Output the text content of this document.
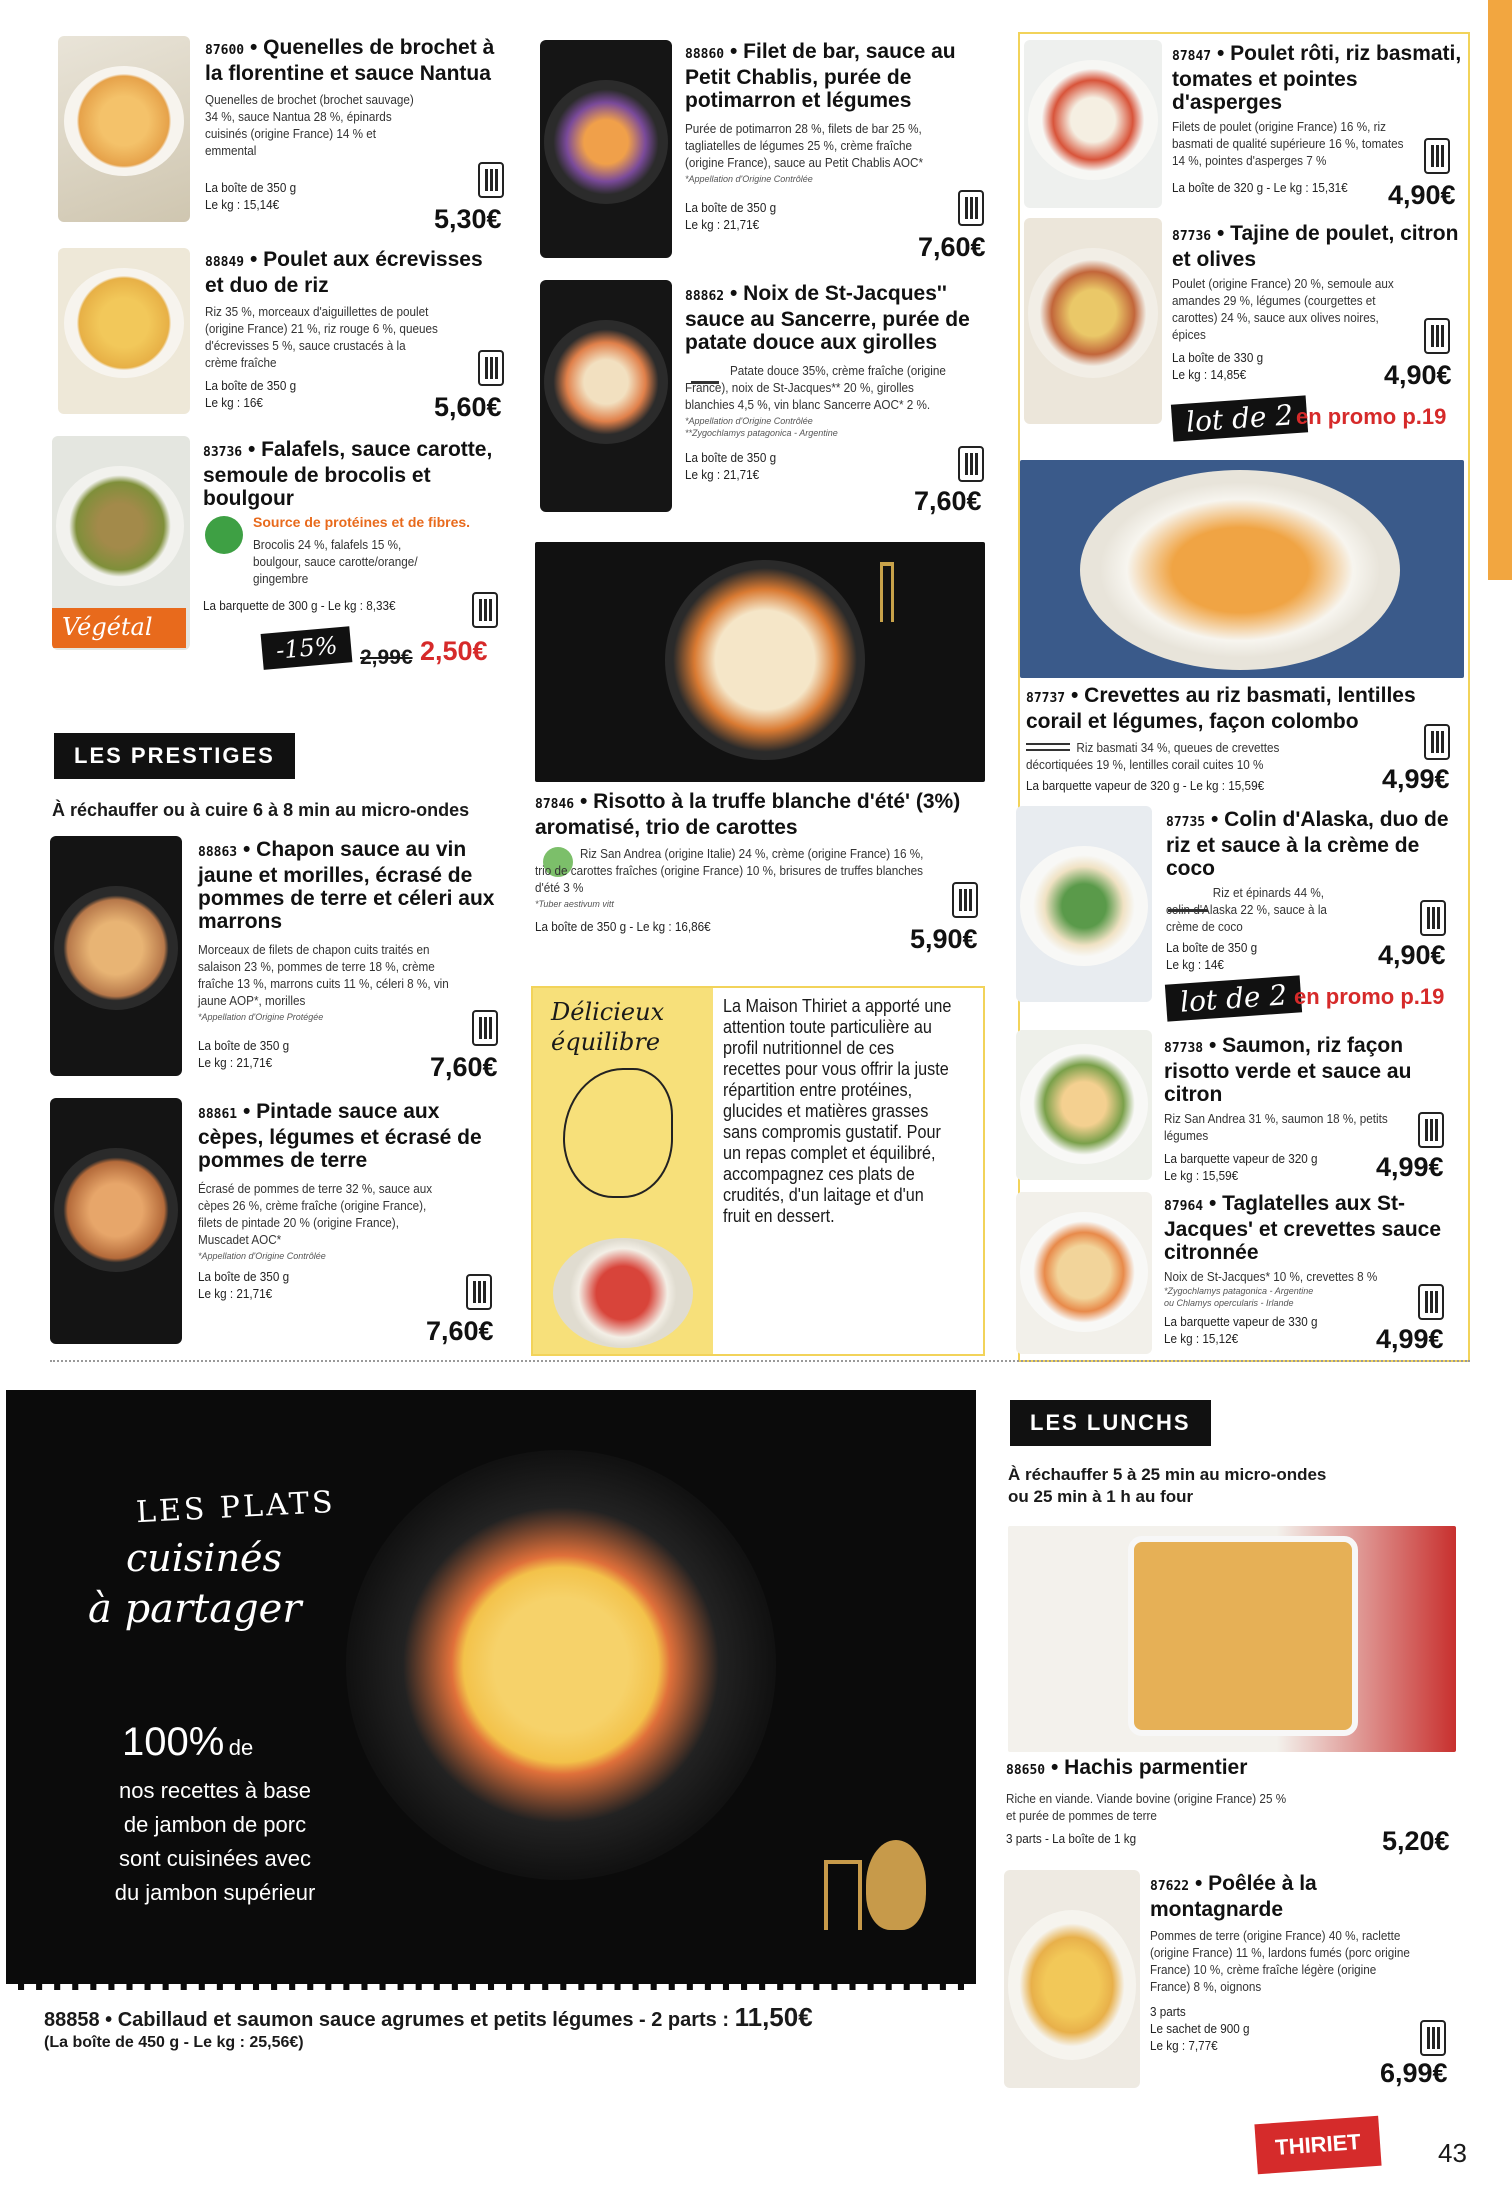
87600 • Quenelles de brochet à la florentine et sauce Nantua
Quenelles de brochet (brochet sauvage) 34 %, sauce Nantua 28 %, épinards cuisinés (origine France) 14 % et emmental
La boîte de 350 g
Le kg : 15,14€	5,30€
88849 • Poulet aux écrevisses et duo de riz
Riz 35 %, morceaux d'aiguillettes de poulet (origine France) 21 %, riz rouge 6 %, queues d'écrevisses 5 %, sauce crustacés à la crème fraîche
La boîte de 350 g
Le kg : 16€	5,60€
Végétal
83736 • Falafels, sauce carotte, semoule de brocolis et boulgour
Source de protéines et de fibres.
Brocolis 24 %, falafels 15 %, boulgour, sauce carotte/orange/ gingembre
La barquette de 300 g - Le kg : 8,33€
-15%	2,99€ 2,50€
LES PRESTIGES
À réchauffer ou à cuire 6 à 8 min au micro-ondes
88863 • Chapon sauce au vin jaune et morilles, écrasé de pommes de terre et céleri aux marrons
Morceaux de filets de chapon cuits traités en salaison 23 %, pommes de terre 18 %, crème fraîche 13 %, marrons cuits 11 %, céleri 8 %, vin jaune AOP*, morilles
*Appellation d'Origine Protégée
La boîte de 350 g
Le kg : 21,71€	7,60€
88861 • Pintade sauce aux cèpes, légumes et écrasé de pommes de terre
Écrasé de pommes de terre 32 %, sauce aux cèpes 26 %, crème fraîche (origine France), filets de pintade 20 % (origine France), Muscadet AOC*
*Appellation d'Origine Contrôlée
La boîte de 350 g
Le kg : 21,71€
7,60€
88860 • Filet de bar, sauce au Petit Chablis, purée de potimarron et légumes
Purée de potimarron 28 %, filets de bar 25 %, tagliatelles de légumes 25 %, crème fraîche (origine France), sauce au Petit Chablis AOC*
*Appellation d'Origine Contrôlée
La boîte de 350 g
Le kg : 21,71€
7,60€
88862 • Noix de St-Jacques'' sauce au Sancerre, purée de patate douce aux girolles
Patate douce 35%, crème fraîche (origine France), noix de St-Jacques** 20 %, girolles blanchies 4,5 %, vin blanc Sancerre AOC* 2 %.
*Appellation d'Origine Contrôlée
**Zygochlamys patagonica - Argentine
La boîte de 350 g
Le kg : 21,71€
7,60€
87846 • Risotto à la truffe blanche d'été' (3%) aromatisé, trio de carottes
Riz San Andrea (origine Italie) 24 %, crème (origine France) 16 %, trio de carottes fraîches (origine France) 10 %, brisures de truffes blanches d'été 3 %
*Tuber aestivum vitt
La boîte de 350 g - Le kg : 16,86€	5,90€
Délicieux
équilibre
La Maison Thiriet a apporté une attention toute particulière au profil nutritionnel de ces recettes pour vous offrir la juste répartition entre protéines, glucides et matières grasses sans compromis gustatif. Pour un repas complet et équilibré, accompagnez ces plats de crudités, d'un laitage et d'un fruit en dessert.
87847 • Poulet rôti, riz basmati, tomates et pointes d'asperges
Filets de poulet (origine France) 16 %, riz basmati de qualité supérieure 16 %, tomates 14 %, pointes d'asperges 7 %
La boîte de 320 g - Le kg : 15,31€	4,90€
87736 • Tajine de poulet, citron et olives
Poulet (origine France) 20 %, semoule aux amandes 29 %, légumes (courgettes et carottes) 24 %, sauce aux olives noires, épices
La boîte de 330 g
Le kg : 14,85€	4,90€
lot de 2 en promo p.19
87737 • Crevettes au riz basmati, lentilles corail et légumes, façon colombo
Riz basmati 34 %, queues de crevettes décortiquées 19 %, lentilles corail cuites 10 %
La barquette vapeur de 320 g - Le kg : 15,59€	4,99€
87735 • Colin d'Alaska, duo de riz et sauce à la crème de coco
Riz et épinards 44 %, colin d'Alaska 22 %, sauce à la crème de coco
La boîte de 350 g
Le kg : 14€	4,90€
lot de 2 en promo p.19
87738 • Saumon, riz façon risotto verde et sauce au citron
Riz San Andrea 31 %, saumon 18 %, petits légumes
La barquette vapeur de 320 g
Le kg : 15,59€	4,99€
87964 • Taglatelles aux St-Jacques' et crevettes sauce citronnée
Noix de St-Jacques* 10 %, crevettes 8 %
*Zygochlamys patagonica - Argentine
ou Chlamys opercularis - Irlande
La barquette vapeur de 330 g
Le kg : 15,12€	4,99€
LES PLATS
cuisinés
à partager
100% de
nos recettes à base
de jambon de porc
sont cuisinées avec
du jambon supérieur
88858 • Cabillaud et saumon sauce agrumes et petits légumes - 2 parts : 11,50€
(La boîte de 450 g - Le kg : 25,56€)
LES LUNCHS
À réchauffer 5 à 25 min au micro-ondes
ou 25 min à 1 h au four
88650 • Hachis parmentier
Riche en viande. Viande bovine (origine France) 25 %
et purée de pommes de terre
3 parts - La boîte de 1 kg	5,20€
87622 • Poêlée à la montagnarde
Pommes de terre (origine France) 40 %, raclette (origine France) 11 %, lardons fumés (porc origine France) 10 %, crème fraîche légère (origine France) 8 %, oignons
3 parts
Le sachet de 900 g
Le kg : 7,77€
6,99€
THIRIET	43
